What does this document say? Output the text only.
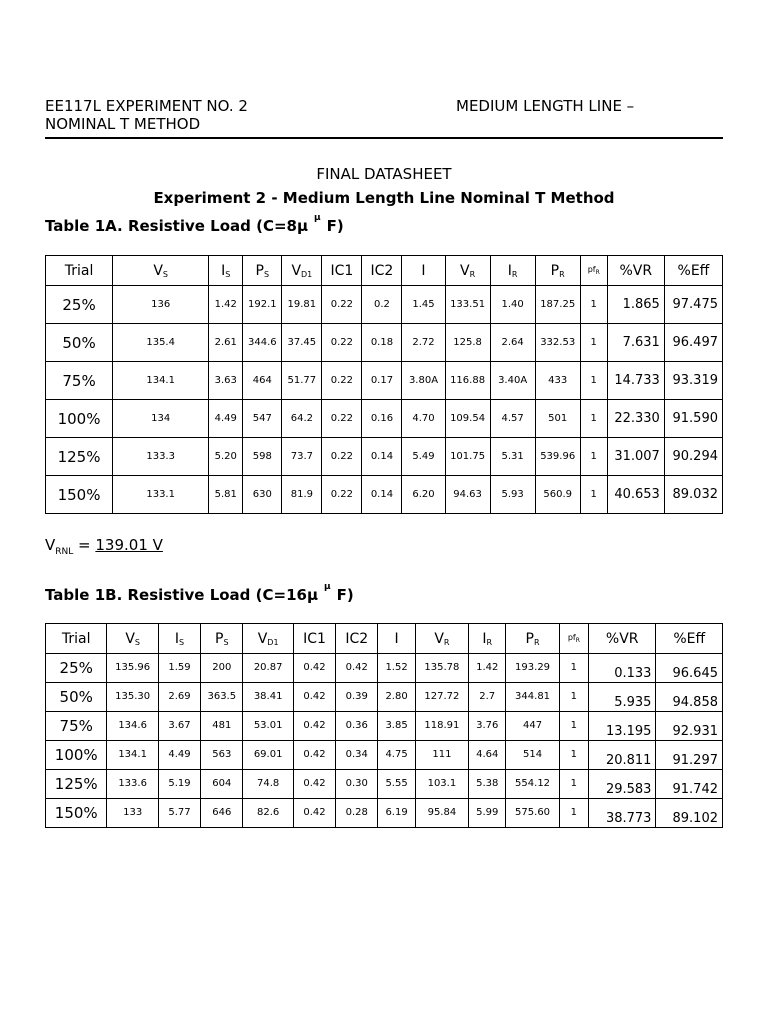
EE117L EXPERIMENT NO. 2
NOMINAL T METHOD
MEDIUM LENGTH LINE –
FINAL DATASHEET
Experiment 2 - Medium Length Line Nominal T Method
Table 1A. Resistive Load (C=8μ $^\mu$ F)
Trial	$V_S$	$I_S$	$P_S$	$V_{D1}$	IC1	IC2	I	$V_R$	$I_R$	$P_R$	$pf_R$	%VR	%Eff
25%	136	1.42	192.1	19.81	0.22	0.2	1.45	133.51	1.40	187.25	1	1.865	97.475
50%	135.4	2.61	344.6	37.45	0.22	0.18	2.72	125.8	2.64	332.53	1	7.631	96.497
75%	134.1	3.63	464	51.77	0.22	0.17	3.80A	116.88	3.40A	433	1	14.733	93.319
100%	134	4.49	547	64.2	0.22	0.16	4.70	109.54	4.57	501	1	22.330	91.590
125%	133.3	5.20	598	73.7	0.22	0.14	5.49	101.75	5.31	539.96	1	31.007	90.294
150%	133.1	5.81	630	81.9	0.22	0.14	6.20	94.63	5.93	560.9	1	40.653	89.032
$V_{RNL} = 139.01$ V
Table 1B. Resistive Load (C=16μ $^\mu$ F)
Trial	$V_S$	$I_S$	$P_S$	$V_{D1}$	IC1	IC2	I	$V_R$	$I_R$	$P_R$	$pf_R$	%VR	%Eff
25%	135.96	1.59	200	20.87	0.42	0.42	1.52	135.78	1.42	193.29	1	0.133	96.645
50%	135.30	2.69	363.5	38.41	0.42	0.39	2.80	127.72	2.7	344.81	1	5.935	94.858
75%	134.6	3.67	481	53.01	0.42	0.36	3.85	118.91	3.76	447	1	13.195	92.931
100%	134.1	4.49	563	69.01	0.42	0.34	4.75	111	4.64	514	1	20.811	91.297
125%	133.6	5.19	604	74.8	0.42	0.30	5.55	103.1	5.38	554.12	1	29.583	91.742
150%	133	5.77	646	82.6	0.42	0.28	6.19	95.84	5.99	575.60	1	38.773	89.102
